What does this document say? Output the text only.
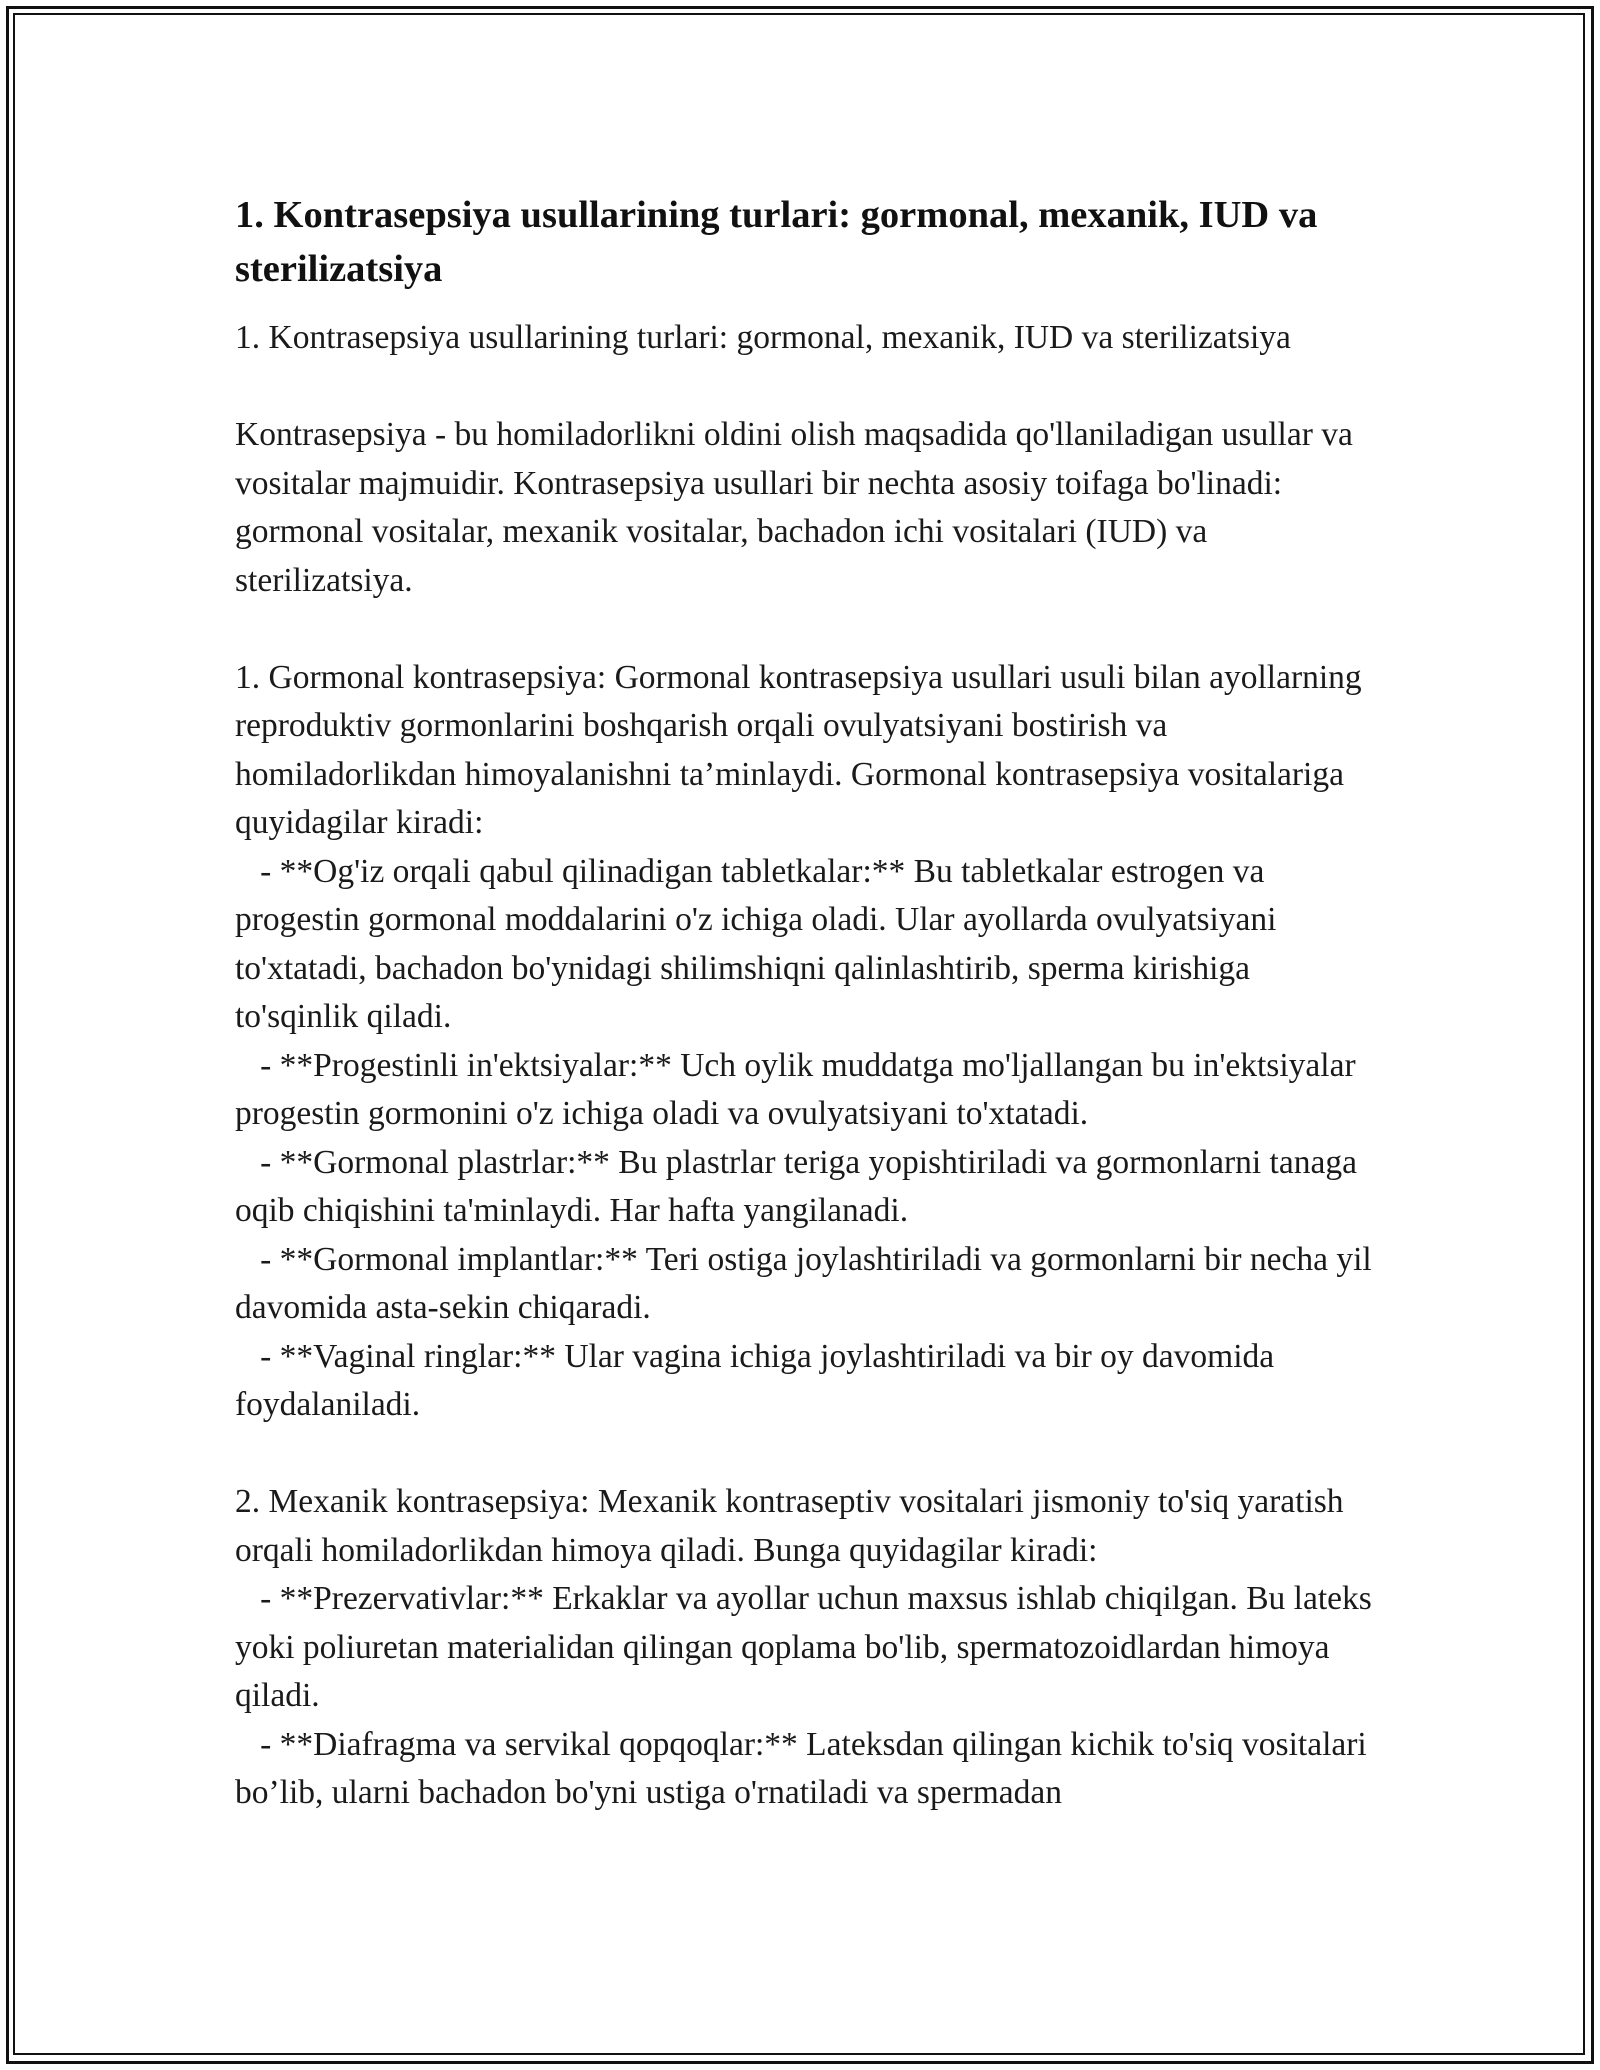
1. Kontrasepsiya usullarining turlari: gormonal, mexanik, IUD va sterilizatsiya

1. Kontrasepsiya usullarining turlari: gormonal, mexanik, IUD va sterilizatsiya

Kontrasepsiya - bu homiladorlikni oldini olish maqsadida qo'llaniladigan usullar va vositalar majmuidir. Kontrasepsiya usullari bir nechta asosiy toifaga bo'linadi: gormonal vositalar, mexanik vositalar, bachadon ichi vositalari (IUD) va sterilizatsiya.

1. Gormonal kontrasepsiya: Gormonal kontrasepsiya usullari usuli bilan ayollarning reproduktiv gormonlarini boshqarish orqali ovulyatsiyani bostirish va homiladorlikdan himoyalanishni ta’minlaydi. Gormonal kontrasepsiya vositalariga quyidagilar kiradi:
- **Og'iz orqali qabul qilinadigan tabletkalar:** Bu tabletkalar estrogen va progestin gormonal moddalarini o'z ichiga oladi. Ular ayollarda ovulyatsiyani to'xtatadi, bachadon bo'ynidagi shilimshiqni qalinlashtirib, sperma kirishiga to'sqinlik qiladi.
- **Progestinli in'ektsiyalar:** Uch oylik muddatga mo'ljallangan bu in'ektsiyalar progestin gormonini o'z ichiga oladi va ovulyatsiyani to'xtatadi.
- **Gormonal plastrlar:** Bu plastrlar teriga yopishtiriladi va gormonlarni tanaga oqib chiqishini ta'minlaydi. Har hafta yangilanadi.
- **Gormonal implantlar:** Teri ostiga joylashtiriladi va gormonlarni bir necha yil davomida asta-sekin chiqaradi.
- **Vaginal ringlar:** Ular vagina ichiga joylashtiriladi va bir oy davomida foydalaniladi.

2. Mexanik kontrasepsiya: Mexanik kontraseptiv vositalari jismoniy to'siq yaratish orqali homiladorlikdan himoya qiladi. Bunga quyidagilar kiradi:
- **Prezervativlar:** Erkaklar va ayollar uchun maxsus ishlab chiqilgan. Bu lateks yoki poliuretan materialidan qilingan qoplama bo'lib, spermatozoidlardan himoya qiladi.
- **Diafragma va servikal qopqoqlar:** Lateksdan qilingan kichik to'siq vositalari bo’lib, ularni bachadon bo'yni ustiga o'rnatiladi va spermadan
